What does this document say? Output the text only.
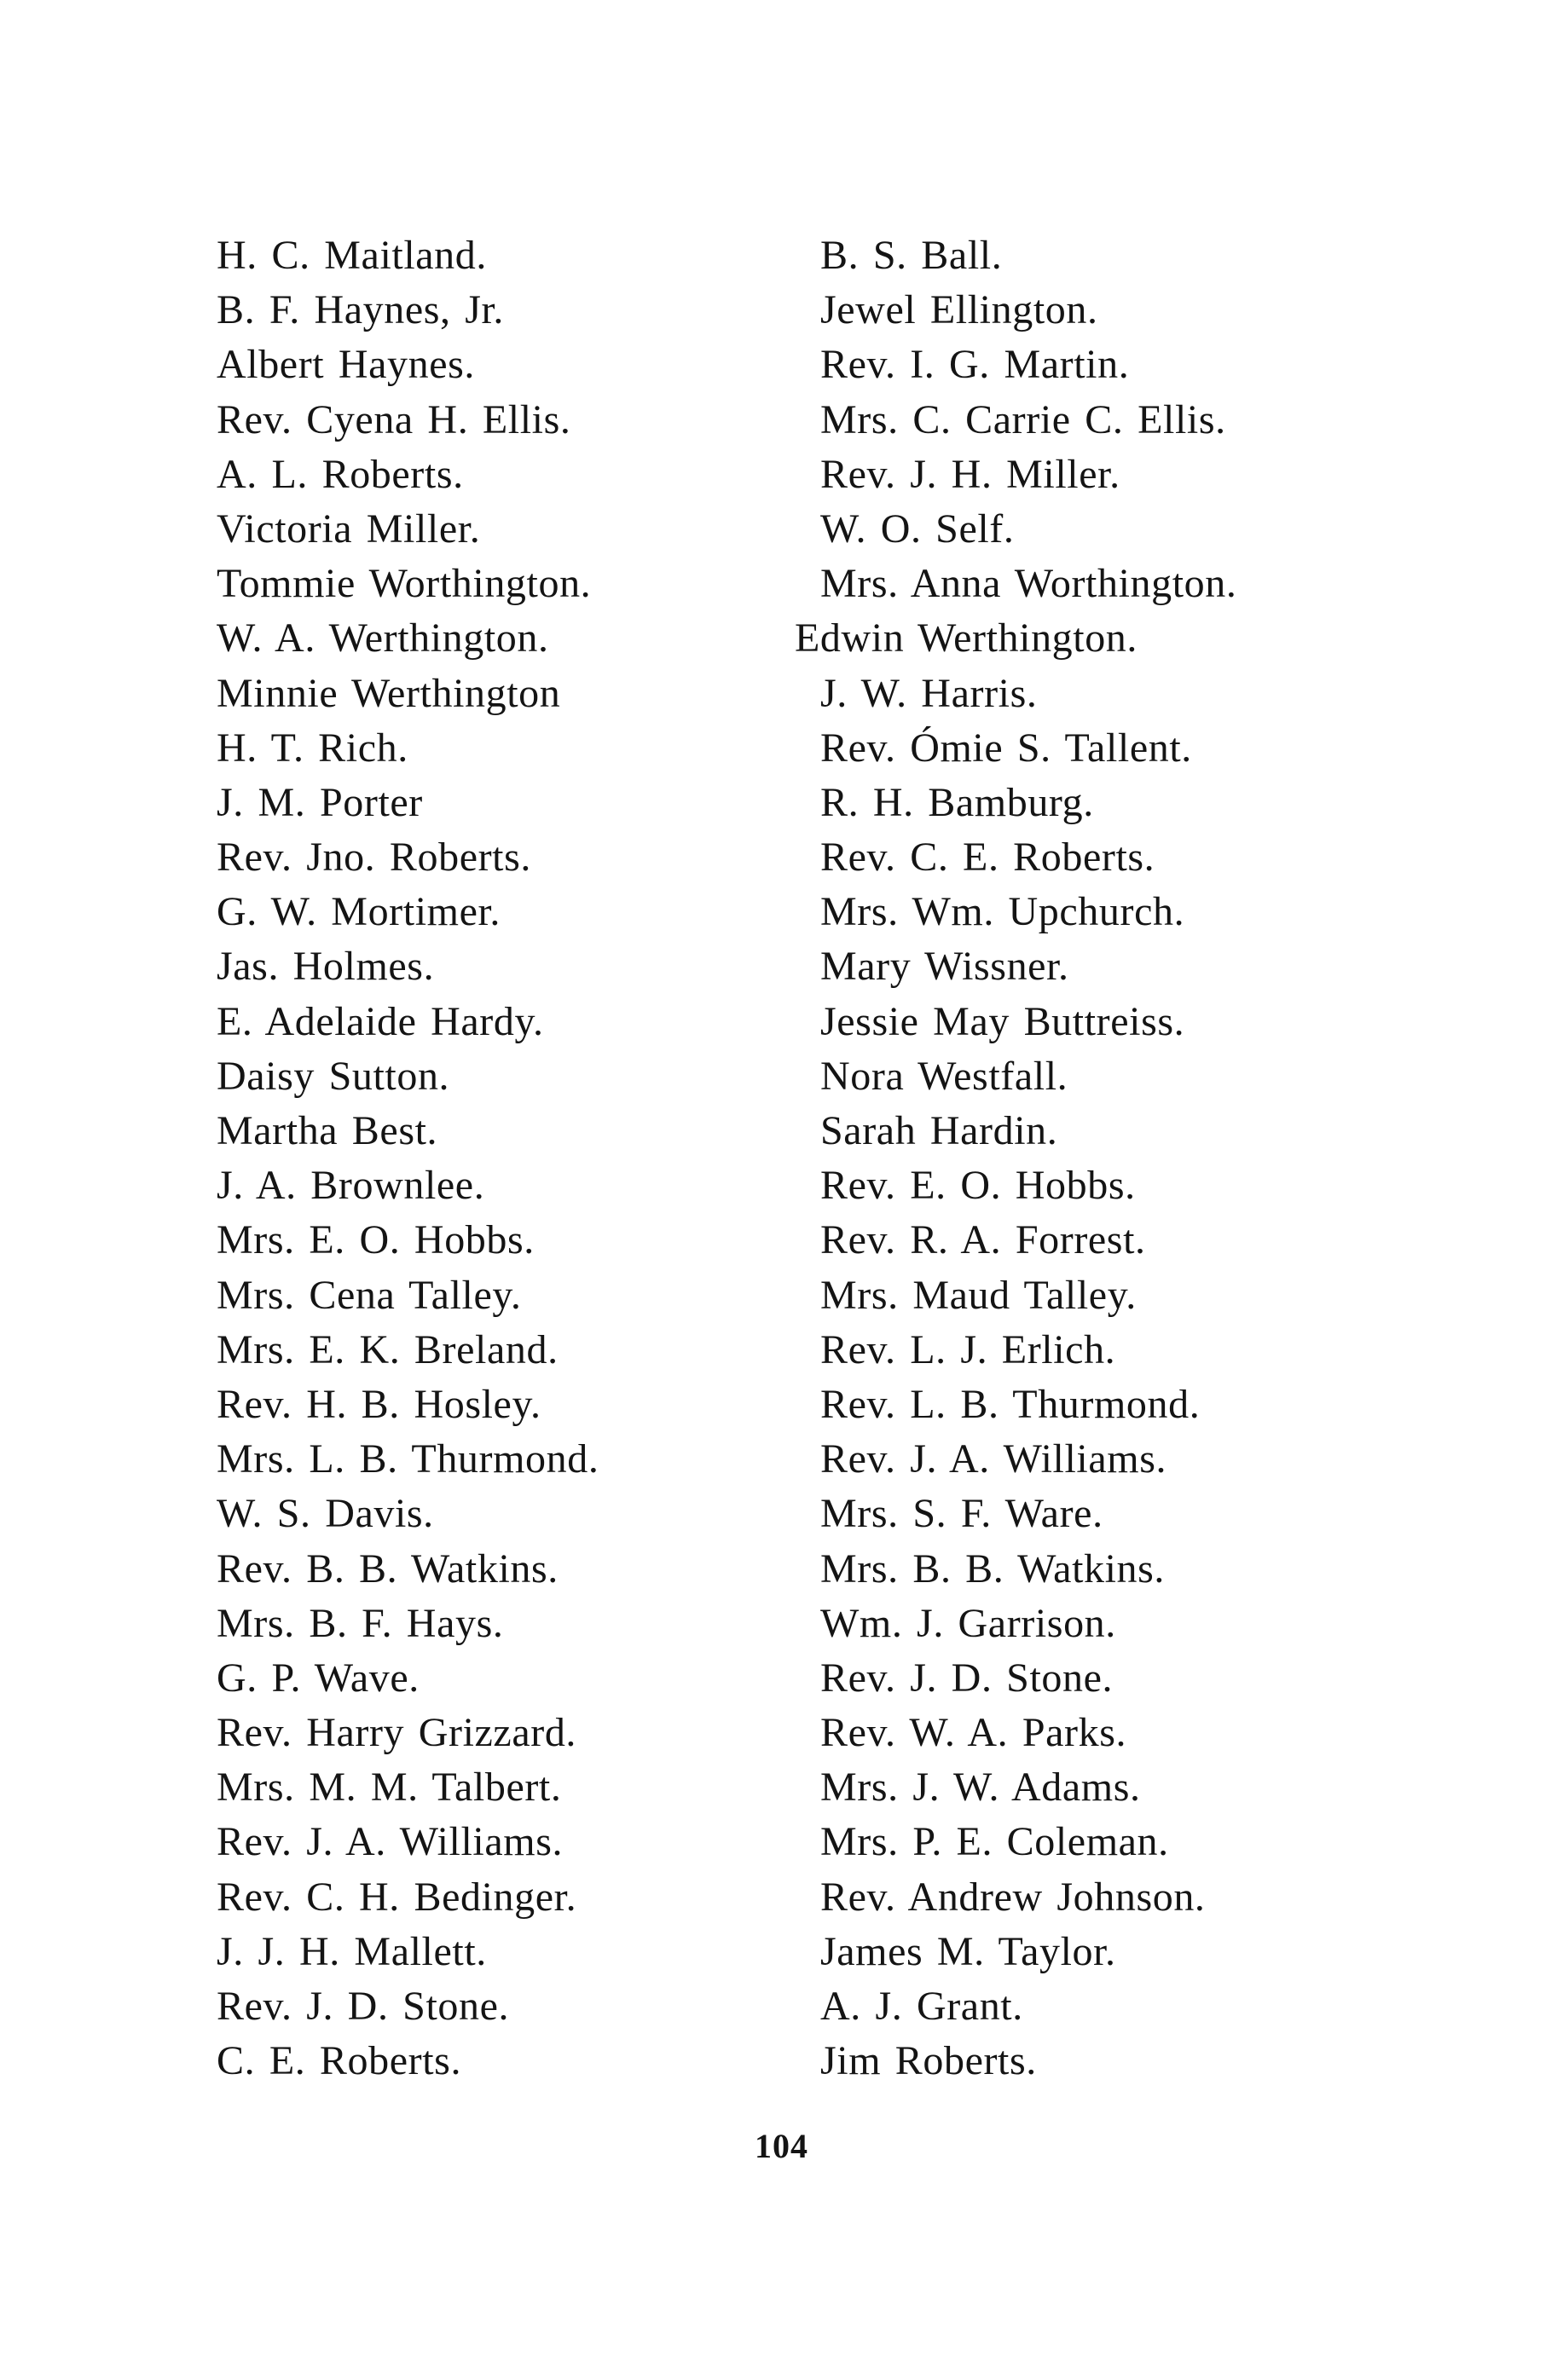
H. C. Maitland.
B. F. Haynes, Jr.
Albert Haynes.
Rev. Cyena H. Ellis.
A. L. Roberts.
Victoria Miller.
Tommie Worthington.
W. A. Werthington.
Minnie Werthington
H. T. Rich.
J. M. Porter
Rev. Jno. Roberts.
G. W. Mortimer.
Jas. Holmes.
E. Adelaide Hardy.
Daisy Sutton.
Martha Best.
J. A. Brownlee.
Mrs. E. O. Hobbs.
Mrs. Cena Talley.
Mrs. E. K. Breland.
Rev. H. B. Hosley.
Mrs. L. B. Thurmond.
W. S. Davis.
Rev. B. B. Watkins.
Mrs. B. F. Hays.
G. P. Wave.
Rev. Harry Grizzard.
Mrs. M. M. Talbert.
Rev. J. A. Williams.
Rev. C. H. Bedinger.
J. J. H. Mallett.
Rev. J. D. Stone.
C. E. Roberts.
B. S. Ball.
Jewel Ellington.
Rev. I. G. Martin.
Mrs. C. Carrie C. Ellis.
Rev. J. H. Miller.
W. O. Self.
Mrs. Anna Worthington.
Edwin Werthington.
J. W. Harris.
Rev. Ómie S. Tallent.
R. H. Bamburg.
Rev. C. E. Roberts.
Mrs. Wm. Upchurch.
Mary Wissner.
Jessie May Buttreiss.
Nora Westfall.
Sarah Hardin.
Rev. E. O. Hobbs.
Rev. R. A. Forrest.
Mrs. Maud Talley.
Rev. L. J. Erlich.
Rev. L. B. Thurmond.
Rev. J. A. Williams.
Mrs. S. F. Ware.
Mrs. B. B. Watkins.
Wm. J. Garrison.
Rev. J. D. Stone.
Rev. W. A. Parks.
Mrs. J. W. Adams.
Mrs. P. E. Coleman.
Rev. Andrew Johnson.
James M. Taylor.
A. J. Grant.
Jim Roberts.
104
